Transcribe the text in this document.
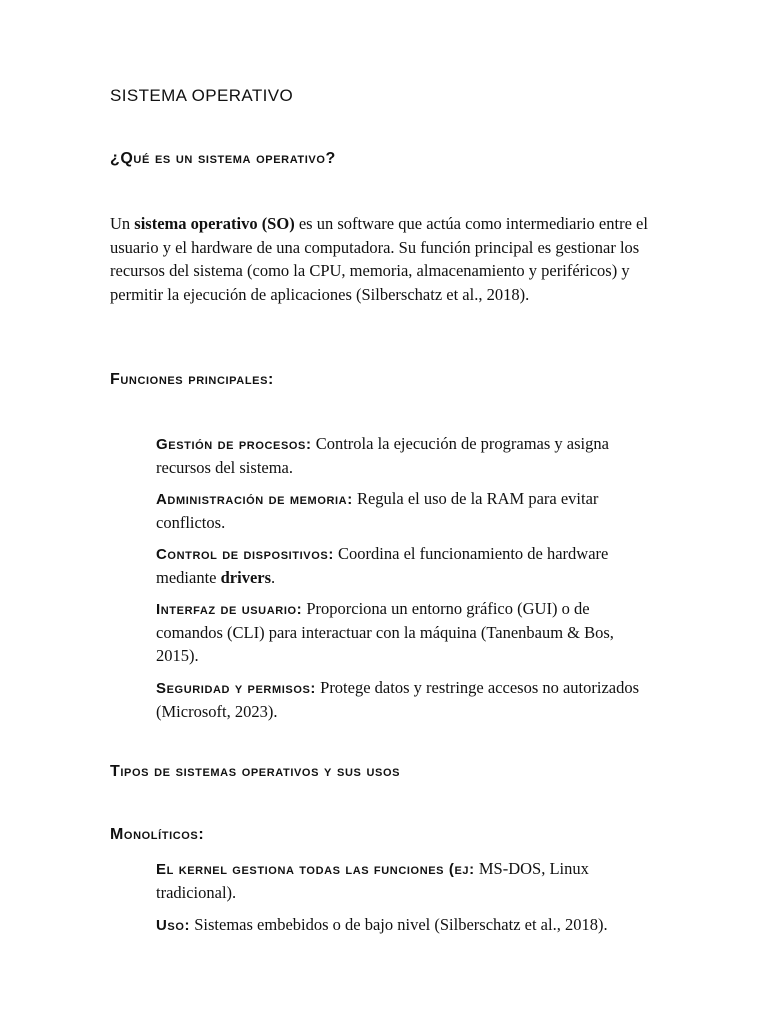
SISTEMA OPERATIVO
¿Qué es un sistema operativo?

Un sistema operativo (SO) es un software que actúa como intermediario entre el usuario y el hardware de una computadora. Su función principal es gestionar los recursos del sistema (como la CPU, memoria, almacenamiento y periféricos) y permitir la ejecución de aplicaciones (Silberschatz et al., 2018).

Funciones principales:

Gestión de procesos: Controla la ejecución de programas y asigna recursos del sistema.

Administración de memoria: Regula el uso de la RAM para evitar conflictos.

Control de dispositivos: Coordina el funcionamiento de hardware mediante drivers.

Interfaz de usuario: Proporciona un entorno gráfico (GUI) o de comandos (CLI) para interactuar con la máquina (Tanenbaum & Bos, 2015).

Seguridad y permisos: Protege datos y restringe accesos no autorizados (Microsoft, 2023).

Tipos de sistemas operativos y sus usos
Monolíticos:

El kernel gestiona todas las funciones (ej: MS-DOS, Linux tradicional).

Uso: Sistemas embebidos o de bajo nivel (Silberschatz et al., 2018).
